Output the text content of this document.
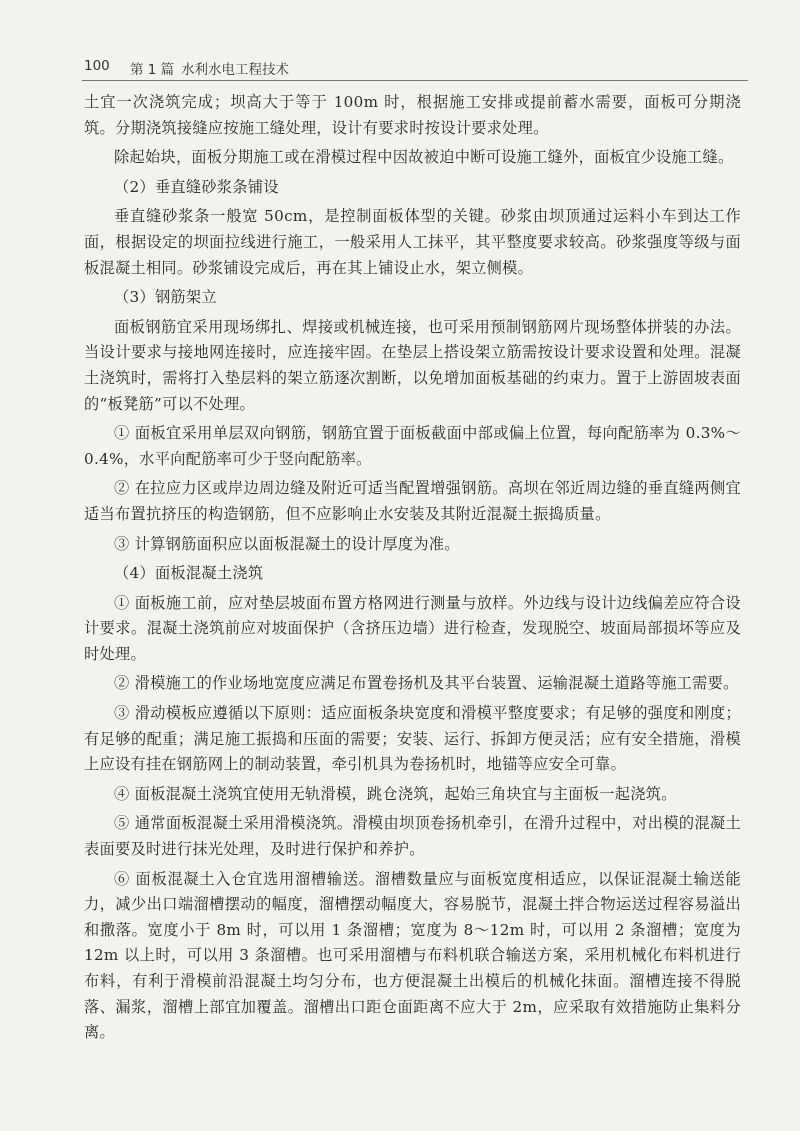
100 第 1 篇 水利水电工程技术

土宜一次浇筑完成；坝高大于等于 100m 时，根据施工安排或提前蓄水需要，面板可分期浇筑。分期浇筑接缝应按施工缝处理，设计有要求时按设计要求处理。

除起始块，面板分期施工或在滑模过程中因故被迫中断可设施工缝外，面板宜少设施工缝。

（2）垂直缝砂浆条铺设

垂直缝砂浆条一般宽 50cm，是控制面板体型的关键。砂浆由坝顶通过运料小车到达工作面，根据设定的坝面拉线进行施工，一般采用人工抹平，其平整度要求较高。砂浆强度等级与面板混凝土相同。砂浆铺设完成后，再在其上铺设止水，架立侧模。

（3）钢筋架立

面板钢筋宜采用现场绑扎、焊接或机械连接，也可采用预制钢筋网片现场整体拼装的办法。当设计要求与接地网连接时，应连接牢固。在垫层上搭设架立筋需按设计要求设置和处理。混凝土浇筑时，需将打入垫层料的架立筋逐次割断，以免增加面板基础的约束力。置于上游固坡表面的“板凳筋”可以不处理。

① 面板宜采用单层双向钢筋，钢筋宜置于面板截面中部或偏上位置，每向配筋率为 0.3%～0.4%，水平向配筋率可少于竖向配筋率。

② 在拉应力区或岸边周边缝及附近可适当配置增强钢筋。高坝在邻近周边缝的垂直缝两侧宜适当布置抗挤压的构造钢筋，但不应影响止水安装及其附近混凝土振捣质量。

③ 计算钢筋面积应以面板混凝土的设计厚度为准。

（4）面板混凝土浇筑

① 面板施工前，应对垫层坡面布置方格网进行测量与放样。外边线与设计边线偏差应符合设计要求。混凝土浇筑前应对坡面保护（含挤压边墙）进行检查，发现脱空、坡面局部损坏等应及时处理。

② 滑模施工的作业场地宽度应满足布置卷扬机及其平台装置、运输混凝土道路等施工需要。

③ 滑动模板应遵循以下原则：适应面板条块宽度和滑模平整度要求；有足够的强度和刚度；有足够的配重；满足施工振捣和压面的需要；安装、运行、拆卸方便灵活；应有安全措施，滑模上应设有挂在钢筋网上的制动装置，牵引机具为卷扬机时，地锚等应安全可靠。

④ 面板混凝土浇筑宜使用无轨滑模，跳仓浇筑，起始三角块宜与主面板一起浇筑。

⑤ 通常面板混凝土采用滑模浇筑。滑模由坝顶卷扬机牵引，在滑升过程中，对出模的混凝土表面要及时进行抹光处理，及时进行保护和养护。

⑥ 面板混凝土入仓宜选用溜槽输送。溜槽数量应与面板宽度相适应，以保证混凝土输送能力，减少出口端溜槽摆动的幅度，溜槽摆动幅度大，容易脱节，混凝土拌合物运送过程容易溢出和撒落。宽度小于 8m 时，可以用 1 条溜槽；宽度为 8～12m 时，可以用 2 条溜槽；宽度为 12m 以上时，可以用 3 条溜槽。也可采用溜槽与布料机联合输送方案，采用机械化布料机进行布料，有利于滑模前沿混凝土均匀分布，也方便混凝土出模后的机械化抹面。溜槽连接不得脱落、漏浆，溜槽上部宜加覆盖。溜槽出口距仓面距离不应大于 2m，应采取有效措施防止集料分离。
